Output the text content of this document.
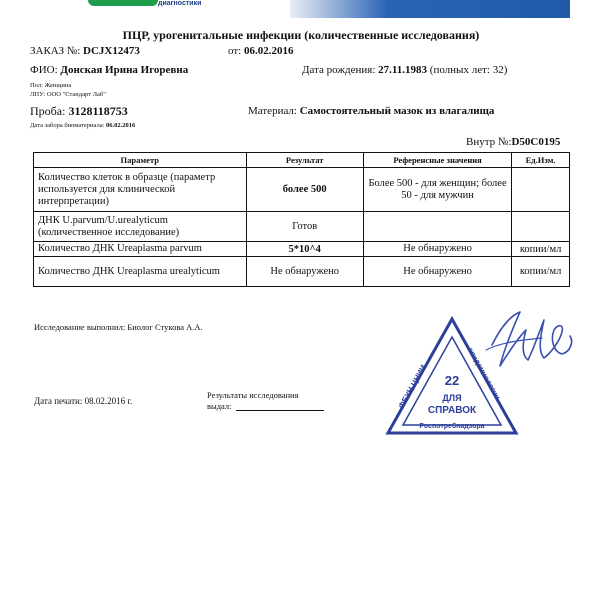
диагностики
ПЦР, урогенитальные инфекции (количественные исследования)
ЗАКАЗ №: DCJX12473	от: 06.02.2016
ФИО: Донская Ирина Игоревна	Дата рождения: 27.11.1983 (полных лет: 32)
Пол: Женщина
ЛПУ: ООО "Стандарт Лаб"
Проба: 3128118753	Материал: Самостоятельный мазок из влагалища
Дата забора биоматериала: 06.02.2016
Внутр №:D50C0195
Параметр	Результат	Референсные значения	Ед.Изм.
Количество клеток в образце (параметр используется для клинической интерпретации)	более 500	Более 500 - для женщин; более 50 - для мужчин	
ДНК U.parvum/U.urealyticum (количественное исследование)	Готов		
Количество ДНК Ureaplasma parvum	5*10^4	Не обнаружено	копии/мл
Количество ДНК Ureaplasma urealyticum	Не обнаружено	Не обнаружено	копии/мл
Исследование выполнил: Биолог Стукова А.А.
Дата печати: 08.02.2016 г.
Результаты исследования
выдал:	ФБУН ЦНИИ
эпидемиологии
22
ДЛЯ
СПРАВОК
Роспотребнадзора
